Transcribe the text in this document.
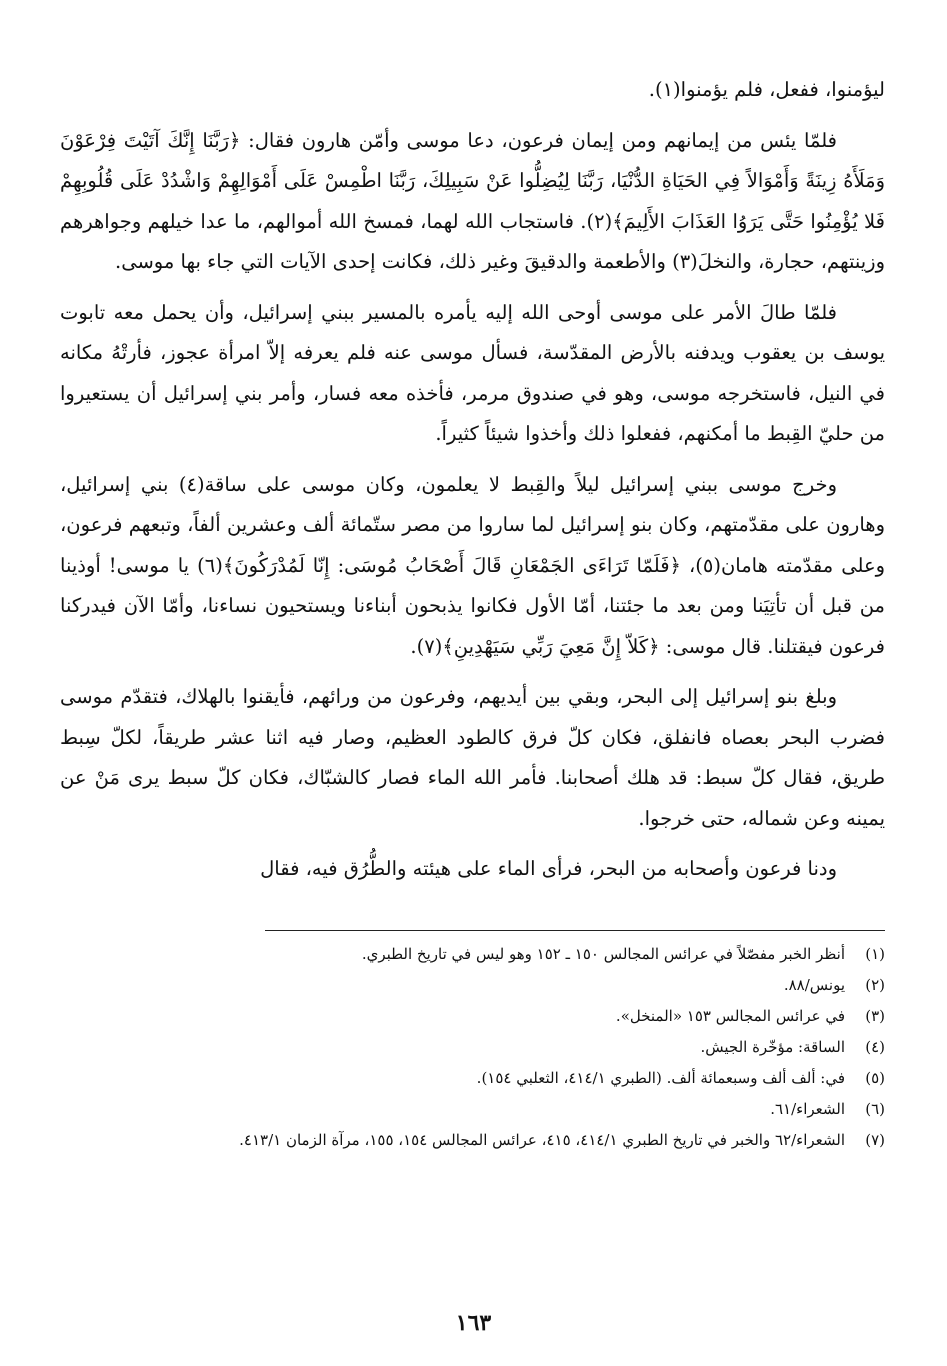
ليؤمنوا، ففعل، فلم يؤمنوا(١).

فلمّا يئس من إيمانهم ومن إيمان فرعون، دعا موسى وأمّن هارون فقال: ﴿رَبَّنَا إِنَّكَ آتَيْتَ فِرْعَوْنَ وَمَلَأَهُ زِينَةً وَأَمْوَالاً فِي الحَيَاةِ الدُّنْيَا، رَبَّنَا لِيُضِلُّوا عَنْ سَبِيلِكَ، رَبَّنَا اطْمِسْ عَلَى أَمْوَالِهِمْ وَاشْدُدْ عَلَى قُلُوبِهِمْ فَلا يُؤْمِنُوا حَتَّى يَرَوُا العَذَابَ الأَلِيمَ﴾(٢). فاستجاب الله لهما، فمسخ الله أموالهم، ما عدا خيلهم وجواهرهم وزينتهم، حجارة، والنخلَ(٣) والأطعمة والدقيقَ وغير ذلك، فكانت إحدى الآيات التي جاء بها موسى.

فلمّا طالَ الأمر على موسى أوحى الله إليه يأمره بالمسير ببني إسرائيل، وأن يحمل معه تابوت يوسف بن يعقوب ويدفنه بالأرض المقدّسة، فسأل موسى عنه فلم يعرفه إلاّ امرأة عجوز، فأرتْهُ مكانه في النيل، فاستخرجه موسى، وهو في صندوق مرمر، فأخذه معه فسار، وأمر بني إسرائيل أن يستعيروا من حليّ القِبط ما أمكنهم، ففعلوا ذلك وأخذوا شيئاً كثيراً.

وخرج موسى ببني إسرائيل ليلاً والقِبط لا يعلمون، وكان موسى على ساقة(٤) بني إسرائيل، وهارون على مقدّمتهم، وكان بنو إسرائيل لما ساروا من مصر ستّمائة ألف وعشرين ألفاً، وتبعهم فرعون، وعلى مقدّمته هامان(٥)، ﴿فَلَمّا تَرَاءَى الجَمْعَانِ قَالَ أَصْحَابُ مُوسَى: إِنّا لَمُدْرَكُونَ﴾(٦) يا موسى! أوذينا من قبل أن تأتِيَنا ومن بعد ما جئتنا، أمّا الأول فكانوا يذبحون أبناءنا ويستحيون نساءنا، وأمّا الآن فيدركنا فرعون فيقتلنا. قال موسى: ﴿كَلاّ إِنَّ مَعِيَ رَبِّي سَيَهْدِينِ﴾(٧).

وبلغ بنو إسرائيل إلى البحر، وبقي بين أيديهم، وفرعون من ورائهم، فأيقنوا بالهلاك، فتقدّم موسى فضرب البحر بعصاه فانفلق، فكان كلّ فرق كالطود العظيم، وصار فيه اثنا عشر طريقاً، لكلّ سِبط طريق، فقال كلّ سبط: قد هلك أصحابنا. فأمر الله الماء فصار كالشبّاك، فكان كلّ سبط يرى مَنْ عن يمينه وعن شماله، حتى خرجوا.

ودنا فرعون وأصحابه من البحر، فرأى الماء على هيئته والطُّرُق فيه، فقال

(١)
أنظر الخبر مفصّلاً في عرائس المجالس ١٥٠ ـ ١٥٢ وهو ليس في تاريخ الطبري.
(٢)
يونس/٨٨.
(٣)
في عرائس المجالس ١٥٣ «المنخل».
(٤)
الساقة: مؤخّرة الجيش.
(٥)
في: ألف ألف وسبعمائة ألف. (الطبري ٤١٤/١، الثعلبي ١٥٤).
(٦)
الشعراء/٦١.
(٧)
الشعراء/٦٢ والخبر في تاريخ الطبري ٤١٤/١، ٤١٥، عرائس المجالس ١٥٤، ١٥٥، مرآة الزمان ٤١٣/١.
١٦٣
